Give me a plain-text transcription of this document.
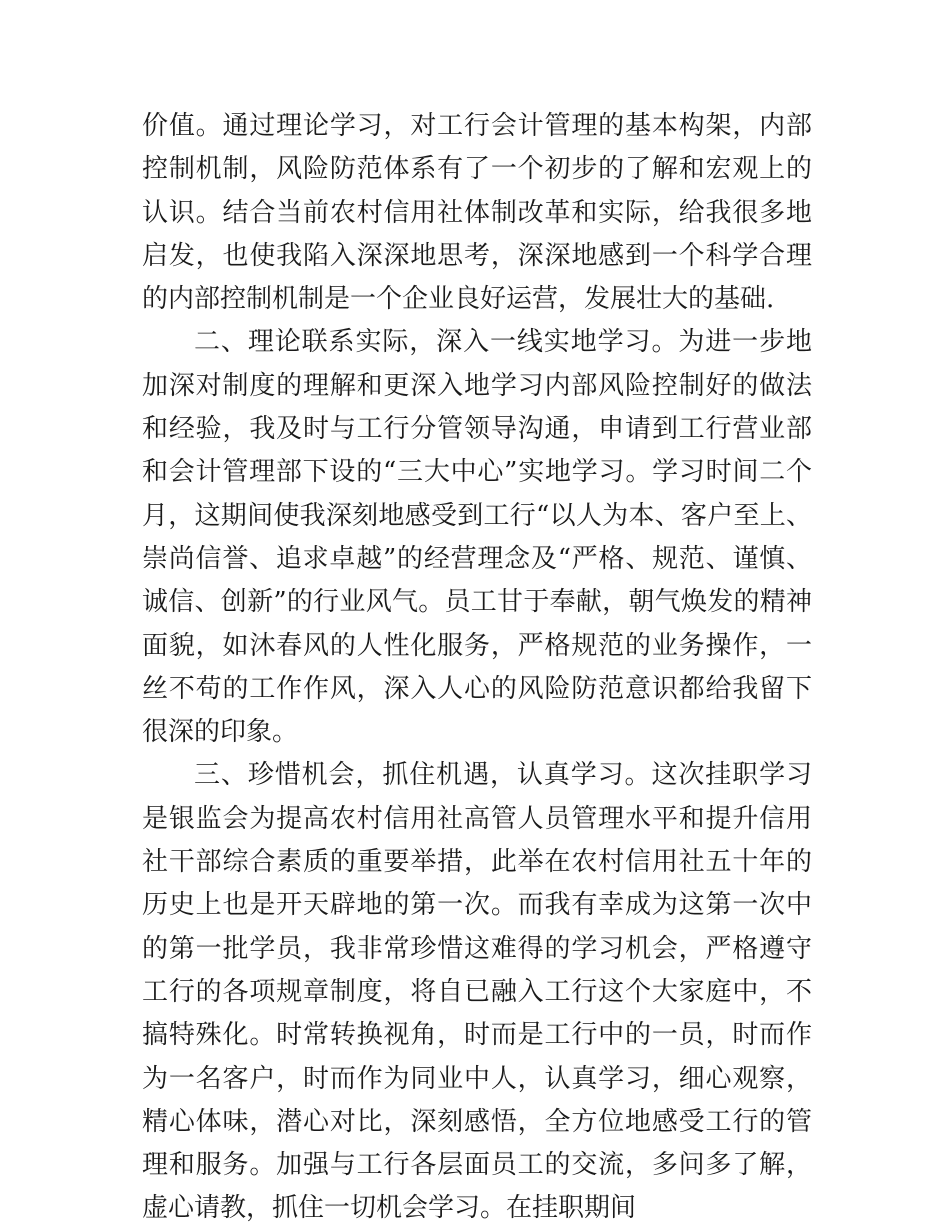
价值。通过理论学习，对工行会计管理的基本构架，内部控制机制，风险防范体系有了一个初步的了解和宏观上的认识。结合当前农村信用社体制改革和实际，给我很多地启发，也使我陷入深深地思考，深深地感到一个科学合理的内部控制机制是一个企业良好运营，发展壮大的基础.

二、理论联系实际，深入一线实地学习。为进一步地加深对制度的理解和更深入地学习内部风险控制好的做法和经验，我及时与工行分管领导沟通，申请到工行营业部和会计管理部下设的“三大中心”实地学习。学习时间二个月，这期间使我深刻地感受到工行“以人为本、客户至上、崇尚信誉、追求卓越”的经营理念及“严格、规范、谨慎、诚信、创新”的行业风气。员工甘于奉献，朝气焕发的精神面貌，如沐春风的人性化服务，严格规范的业务操作，一丝不苟的工作作风，深入人心的风险防范意识都给我留下很深的印象。

三、珍惜机会，抓住机遇，认真学习。这次挂职学习是银监会为提高农村信用社高管人员管理水平和提升信用社干部综合素质的重要举措，此举在农村信用社五十年的历史上也是开天辟地的第一次。而我有幸成为这第一次中的第一批学员，我非常珍惜这难得的学习机会，严格遵守工行的各项规章制度，将自已融入工行这个大家庭中，不搞特殊化。时常转换视角，时而是工行中的一员，时而作为一名客户，时而作为同业中人，认真学习，细心观察，精心体味，潜心对比，深刻感悟，全方位地感受工行的管理和服务。加强与工行各层面员工的交流，多问多了解，虚心请教，抓住一切机会学习。在挂职期间
